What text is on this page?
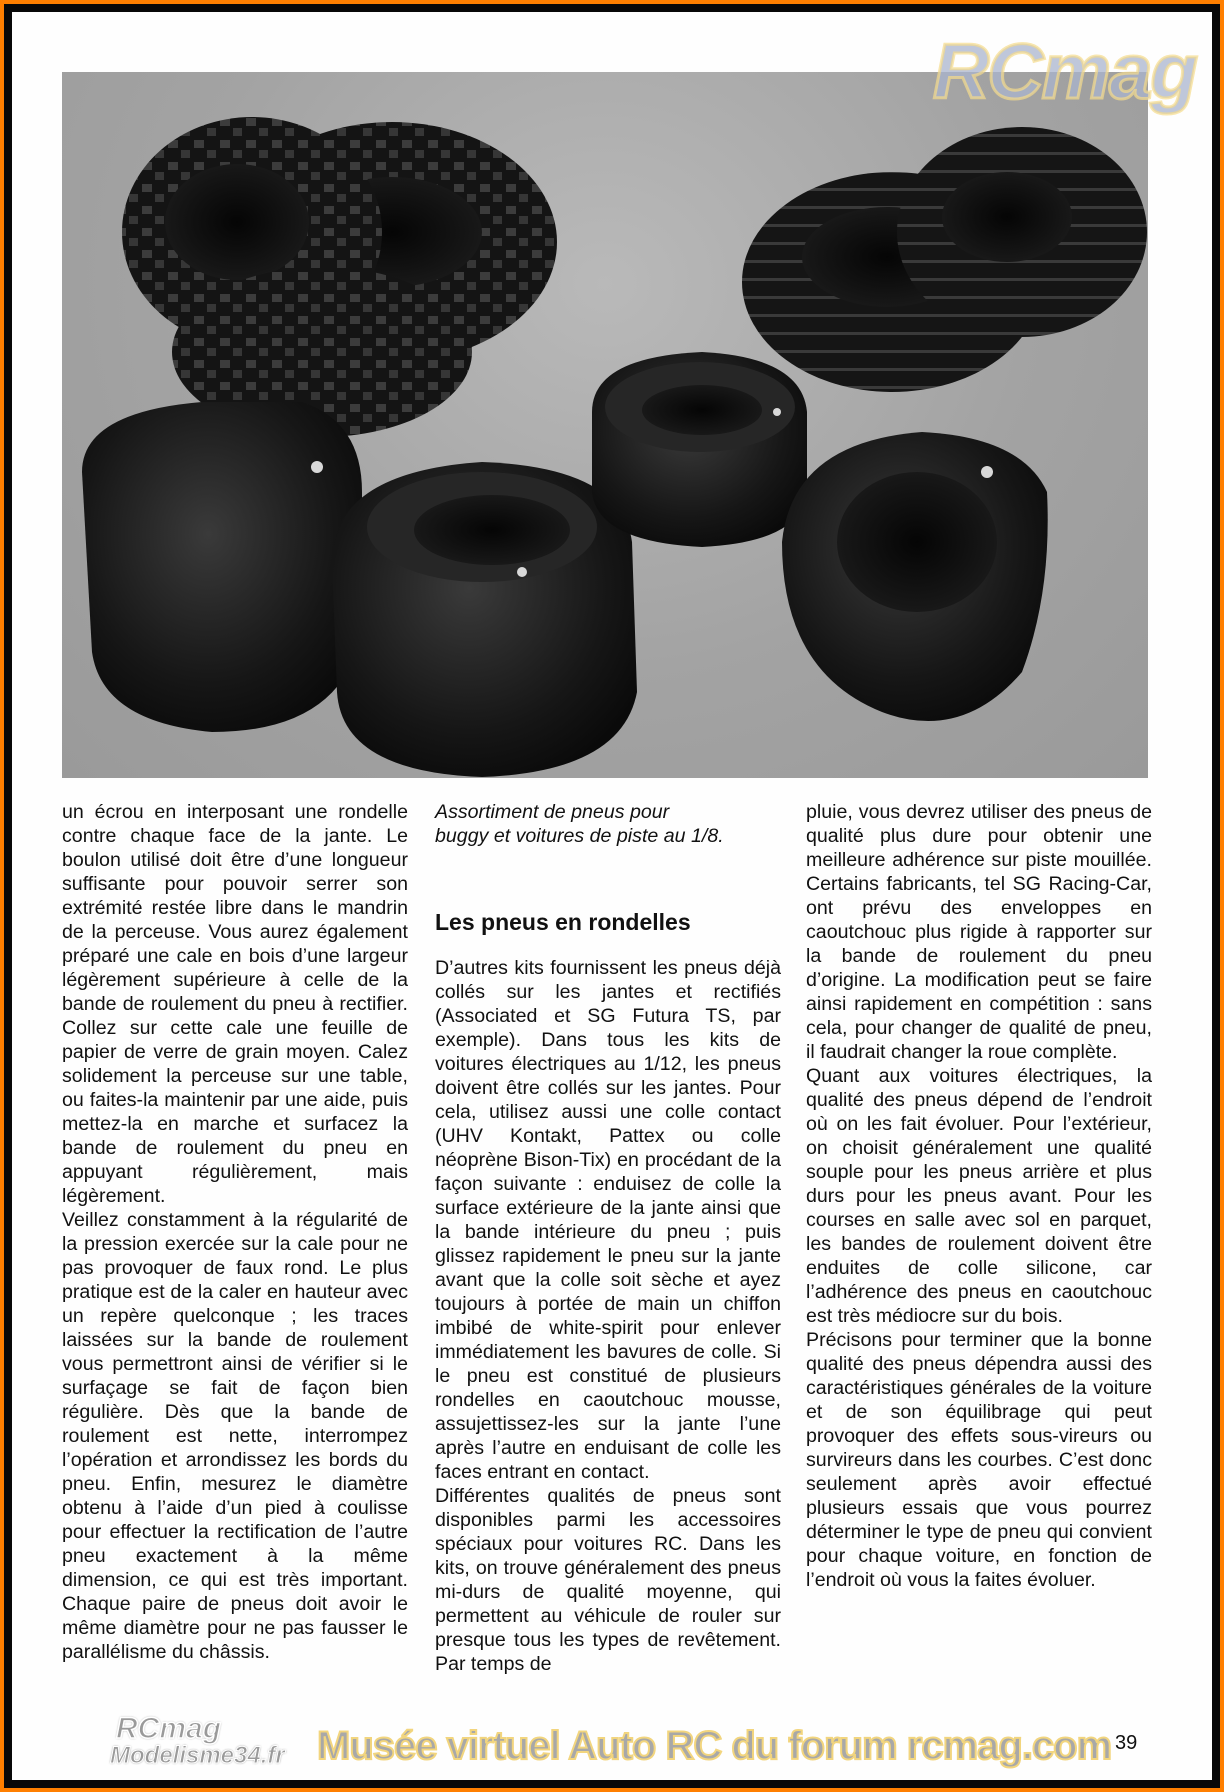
RCmag

un écrou en interposant une rondelle contre chaque face de la jante. Le boulon utilisé doit être d’une longueur suffisante pour pouvoir serrer son extrémité restée libre dans le mandrin de la perceuse. Vous aurez également préparé une cale en bois d’une largeur légèrement supérieure à celle de la bande de roulement du pneu à rectifier. Collez sur cette cale une feuille de papier de verre de grain moyen. Calez solidement la perceuse sur une table, ou faites-la maintenir par une aide, puis mettez-la en marche et surfacez la bande de roulement du pneu en appuyant régulièrement, mais légèrement.

Veillez constamment à la régularité de la pression exercée sur la cale pour ne pas provoquer de faux rond. Le plus pratique est de la caler en hauteur avec un repère quelconque ; les traces laissées sur la bande de roulement vous permettront ainsi de vérifier si le surfaçage se fait de façon bien régulière. Dès que la bande de roulement est nette, interrompez l’opération et arrondissez les bords du pneu. Enfin, mesurez le diamètre obtenu à l’aide d’un pied à coulisse pour effectuer la rectification de l’autre pneu exactement à la même dimension, ce qui est très important. Chaque paire de pneus doit avoir le même diamètre pour ne pas fausser le parallélisme du châssis.

Assortiment de pneus pour

buggy et voitures de piste au 1/8.

Les pneus en rondelles

D’autres kits fournissent les pneus déjà collés sur les jantes et rectifiés (Associated et SG Futura TS, par exemple). Dans tous les kits de voitures électriques au 1/12, les pneus doivent être collés sur les jantes. Pour cela, utilisez aussi une colle contact (UHV Kontakt, Pattex ou colle néoprène Bison-Tix) en procédant de la façon suivante : enduisez de colle la surface extérieure de la jante ainsi que la bande intérieure du pneu ; puis glissez rapidement le pneu sur la jante avant que la colle soit sèche et ayez toujours à portée de main un chiffon imbibé de white-spirit pour enlever immédiatement les bavures de colle. Si le pneu est constitué de plusieurs rondelles en caoutchouc mousse, assujettissez-les sur la jante l’une après l’autre en enduisant de colle les faces entrant en contact.

Différentes qualités de pneus sont disponibles parmi les accessoires spéciaux pour voitures RC. Dans les kits, on trouve généralement des pneus mi-durs de qualité moyenne, qui permettent au véhicule de rouler sur presque tous les types de revêtement. Par temps de

pluie, vous devrez utiliser des pneus de qualité plus dure pour obtenir une meilleure adhérence sur piste mouillée. Certains fabricants, tel SG Racing-Car, ont prévu des enveloppes en caoutchouc plus rigide à rapporter sur la bande de roulement du pneu d’origine. La modification peut se faire ainsi rapidement en compétition : sans cela, pour changer de qualité de pneu, il faudrait changer la roue complète.

Quant aux voitures électriques, la qualité des pneus dépend de l’endroit où on les fait évoluer. Pour l’extérieur, on choisit généralement une qualité souple pour les pneus arrière et plus durs pour les pneus avant. Pour les courses en salle avec sol en parquet, les bandes de roulement doivent être enduites de colle silicone, car l’adhérence des pneus en caoutchouc est très médiocre sur du bois.

Précisons pour terminer que la bonne qualité des pneus dépendra aussi des caractéristiques générales de la voiture et de son équilibrage qui peut provoquer des effets sous-vireurs ou survireurs dans les courbes. C’est donc seulement après avoir effectué plusieurs essais que vous pourrez déterminer le type de pneu qui convient pour chaque voiture, en fonction de l’endroit où vous la faites évoluer.

RCmag
Modelisme34.fr Musée virtuel Auto RC du forum rcmag.com 39
